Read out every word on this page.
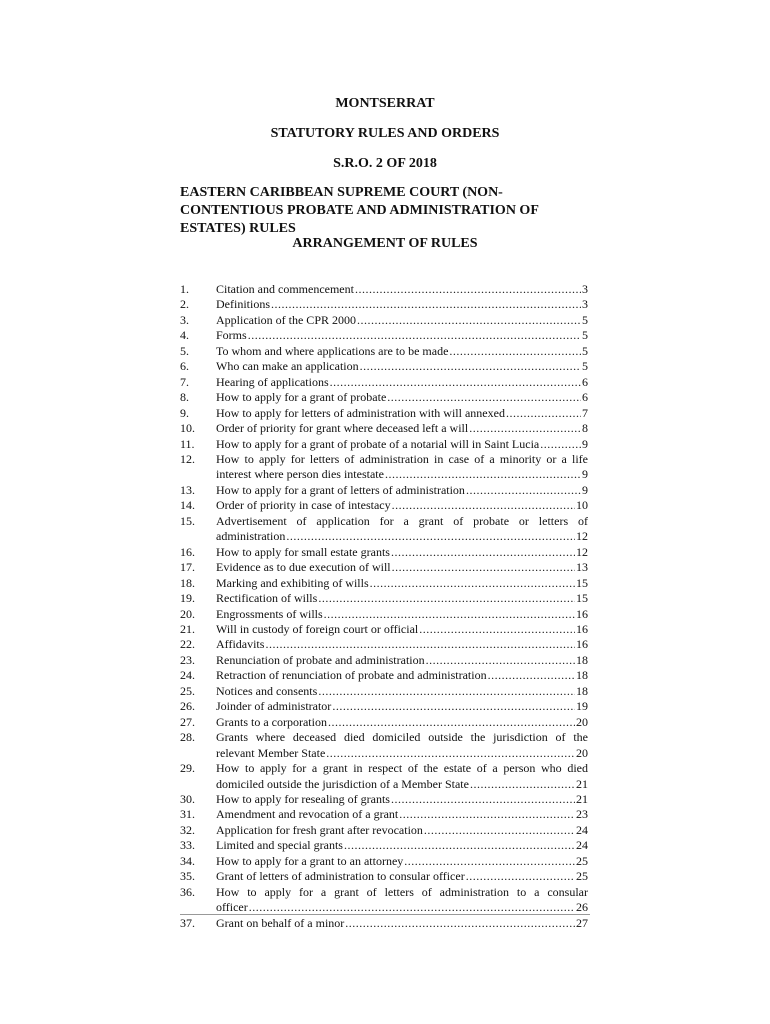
MONTSERRAT
STATUTORY RULES AND ORDERS
S.R.O. 2 OF 2018
EASTERN CARIBBEAN SUPREME COURT (NON-CONTENTIOUS PROBATE AND ADMINISTRATION OF ESTATES) RULES
ARRANGEMENT OF RULES
1. Citation and commencement .....	3
2. Definitions .....	3
3. Application of the CPR 2000 .....	5
4. Forms .....	5
5. To whom and where applications are to be made .....	5
6. Who can make an application .....	5
7. Hearing of applications .....	6
8. How to apply for a grant of probate .....	6
9. How to apply for letters of administration with will annexed .....	7
10. Order of priority for grant where deceased left a will .....	8
11. How to apply for a grant of probate of a notarial will in Saint Lucia .....	9
12. How to apply for letters of administration in case of a minority or a life
interest where person dies intestate .....	9
13. How to apply for a grant of letters of administration .....	9
14. Order of priority in case of intestacy .....	10
15. Advertisement of application for a grant of probate or letters of
administration .....	12
16. How to apply for small estate grants .....	12
17. Evidence as to due execution of will .....	13
18. Marking and exhibiting of wills .....	15
19. Rectification of wills .....	15
20. Engrossments of wills .....	16
21. Will in custody of foreign court or official .....	16
22. Affidavits .....	16
23. Renunciation of probate and administration .....	18
24. Retraction of renunciation of probate and administration .....	18
25. Notices and consents .....	18
26. Joinder of administrator .....	19
27. Grants to a corporation .....	20
28. Grants where deceased died domiciled outside the jurisdiction of the
relevant Member State .....	20
29. How to apply for a grant in respect of the estate of a person who died
domiciled outside the jurisdiction of a Member State .....	21
30. How to apply for resealing of grants .....	21
31. Amendment and revocation of a grant .....	23
32. Application for fresh grant after revocation .....	24
33. Limited and special grants .....	24
34. How to apply for a grant to an attorney .....	25
35. Grant of letters of administration to consular officer .....	25
36. How to apply for a grant of letters of administration to a consular
officer .....	26
37. Grant on behalf of a minor .....	27
